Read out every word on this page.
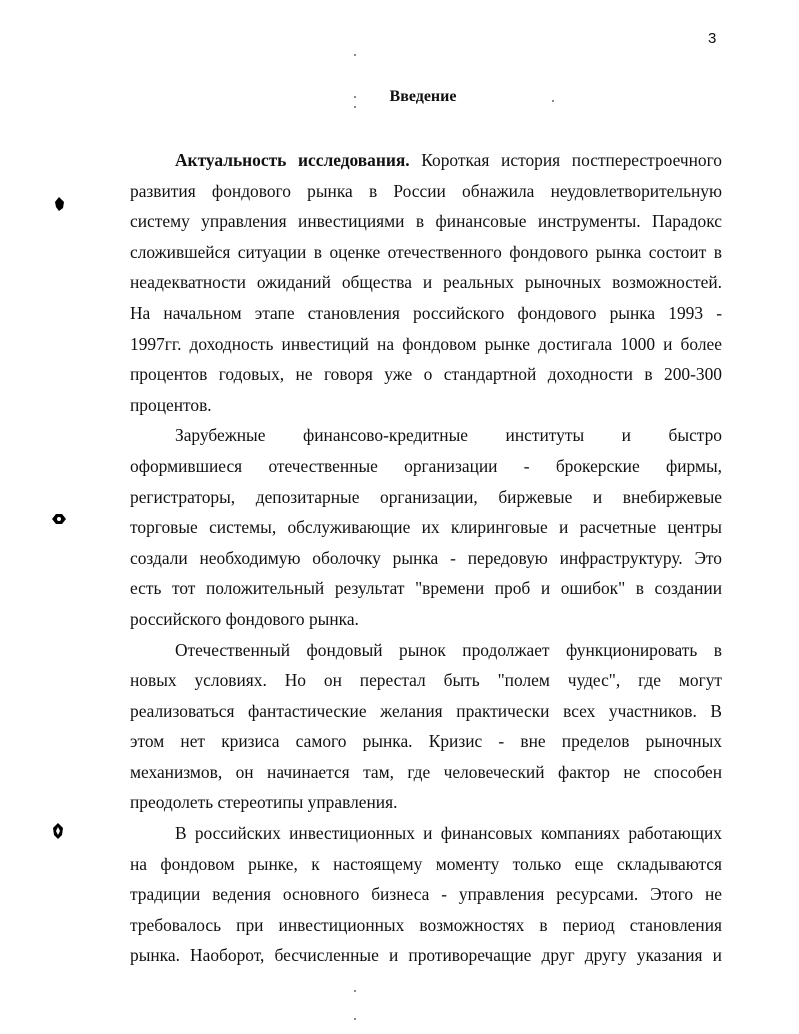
3
Введение
Актуальность исследования. Короткая история постперестроечного
развития фондового рынка в России обнажила неудовлетворительную
систему управления инвестициями в финансовые инструменты. Парадокс
сложившейся ситуации в оценке отечественного фондового рынка состоит в
неадекватности ожиданий общества и реальных рыночных возможностей.
На начальном этапе становления российского фондового рынка 1993 -
1997гг. доходность инвестиций на фондовом рынке достигала 1000 и более
процентов годовых, не говоря уже о стандартной доходности в 200-300
процентов.
Зарубежные финансово-кредитные институты и быстро
оформившиеся отечественные организации - брокерские фирмы,
регистраторы, депозитарные организации, биржевые и внебиржевые
торговые системы, обслуживающие их клиринговые и расчетные центры
создали необходимую оболочку рынка - передовую инфраструктуру. Это
есть тот положительный результат "времени проб и ошибок" в создании
российского фондового рынка.
Отечественный фондовый рынок продолжает функционировать в
новых условиях. Но он перестал быть "полем чудес", где могут
реализоваться фантастические желания практически всех участников. В
этом нет кризиса самого рынка. Кризис - вне пределов рыночных
механизмов, он начинается там, где человеческий фактор не способен
преодолеть стереотипы управления.
В российских инвестиционных и финансовых компаниях работающих
на фондовом рынке, к настоящему моменту только еще складываются
традиции ведения основного бизнеса - управления ресурсами. Этого не
требовалось при инвестиционных возможностях в период становления
рынка. Наоборот, бесчисленные и противоречащие друг другу указания и
